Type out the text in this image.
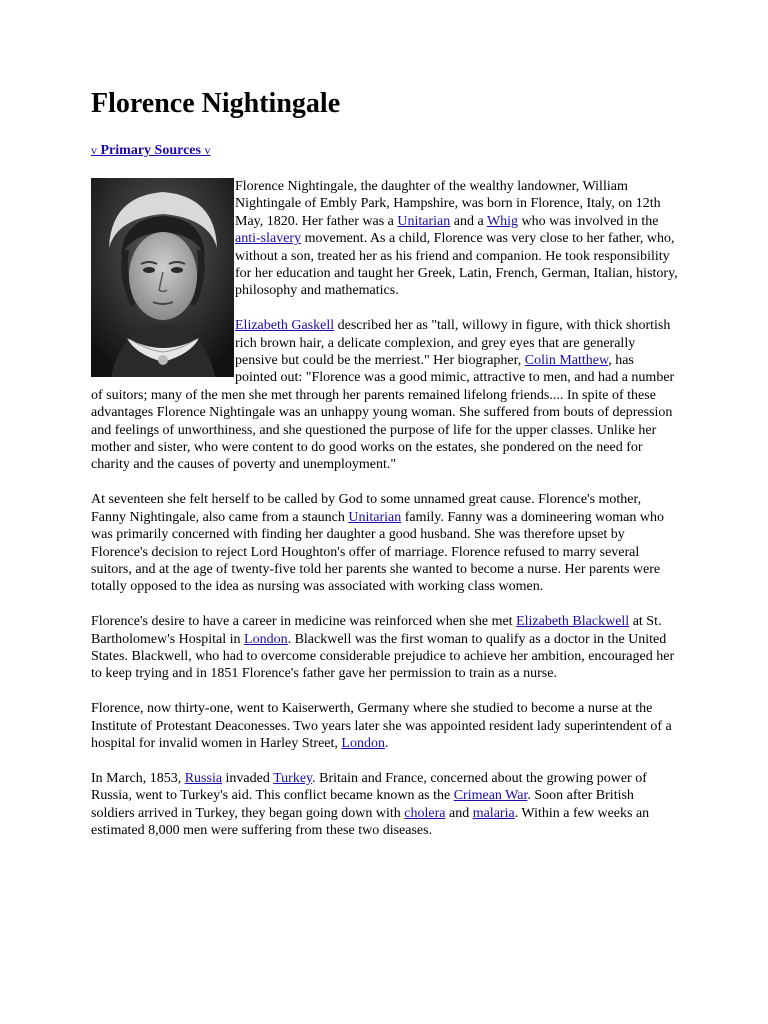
Florence Nightingale
v Primary Sources v

Florence Nightingale, the daughter of the wealthy landowner, William Nightingale of Embly Park, Hampshire, was born in Florence, Italy, on 12th May, 1820. Her father was a Unitarian and a Whig who was involved in the anti-slavery movement. As a child, Florence was very close to her father, who, without a son, treated her as his friend and companion. He took responsibility for her education and taught her Greek, Latin, French, German, Italian, history, philosophy and mathematics.

Elizabeth Gaskell described her as "tall, willowy in figure, with thick shortish rich brown hair, a delicate complexion, and grey eyes that are generally pensive but could be the merriest." Her biographer, Colin Matthew, has pointed out: "Florence was a good mimic, attractive to men, and had a number of suitors; many of the men she met through her parents remained lifelong friends.... In spite of these advantages Florence Nightingale was an unhappy young woman. She suffered from bouts of depression and feelings of unworthiness, and she questioned the purpose of life for the upper classes. Unlike her mother and sister, who were content to do good works on the estates, she pondered on the need for charity and the causes of poverty and unemployment."

At seventeen she felt herself to be called by God to some unnamed great cause. Florence's mother, Fanny Nightingale, also came from a staunch Unitarian family. Fanny was a domineering woman who was primarily concerned with finding her daughter a good husband. She was therefore upset by Florence's decision to reject Lord Houghton's offer of marriage. Florence refused to marry several suitors, and at the age of twenty-five told her parents she wanted to become a nurse. Her parents were totally opposed to the idea as nursing was associated with working class women.

Florence's desire to have a career in medicine was reinforced when she met Elizabeth Blackwell at St. Bartholomew's Hospital in London. Blackwell was the first woman to qualify as a doctor in the United States. Blackwell, who had to overcome considerable prejudice to achieve her ambition, encouraged her to keep trying and in 1851 Florence's father gave her permission to train as a nurse.

Florence, now thirty-one, went to Kaiserwerth, Germany where she studied to become a nurse at the Institute of Protestant Deaconesses. Two years later she was appointed resident lady superintendent of a hospital for invalid women in Harley Street, London.

In March, 1853, Russia invaded Turkey. Britain and France, concerned about the growing power of Russia, went to Turkey's aid. This conflict became known as the Crimean War. Soon after British soldiers arrived in Turkey, they began going down with cholera and malaria. Within a few weeks an estimated 8,000 men were suffering from these two diseases.
